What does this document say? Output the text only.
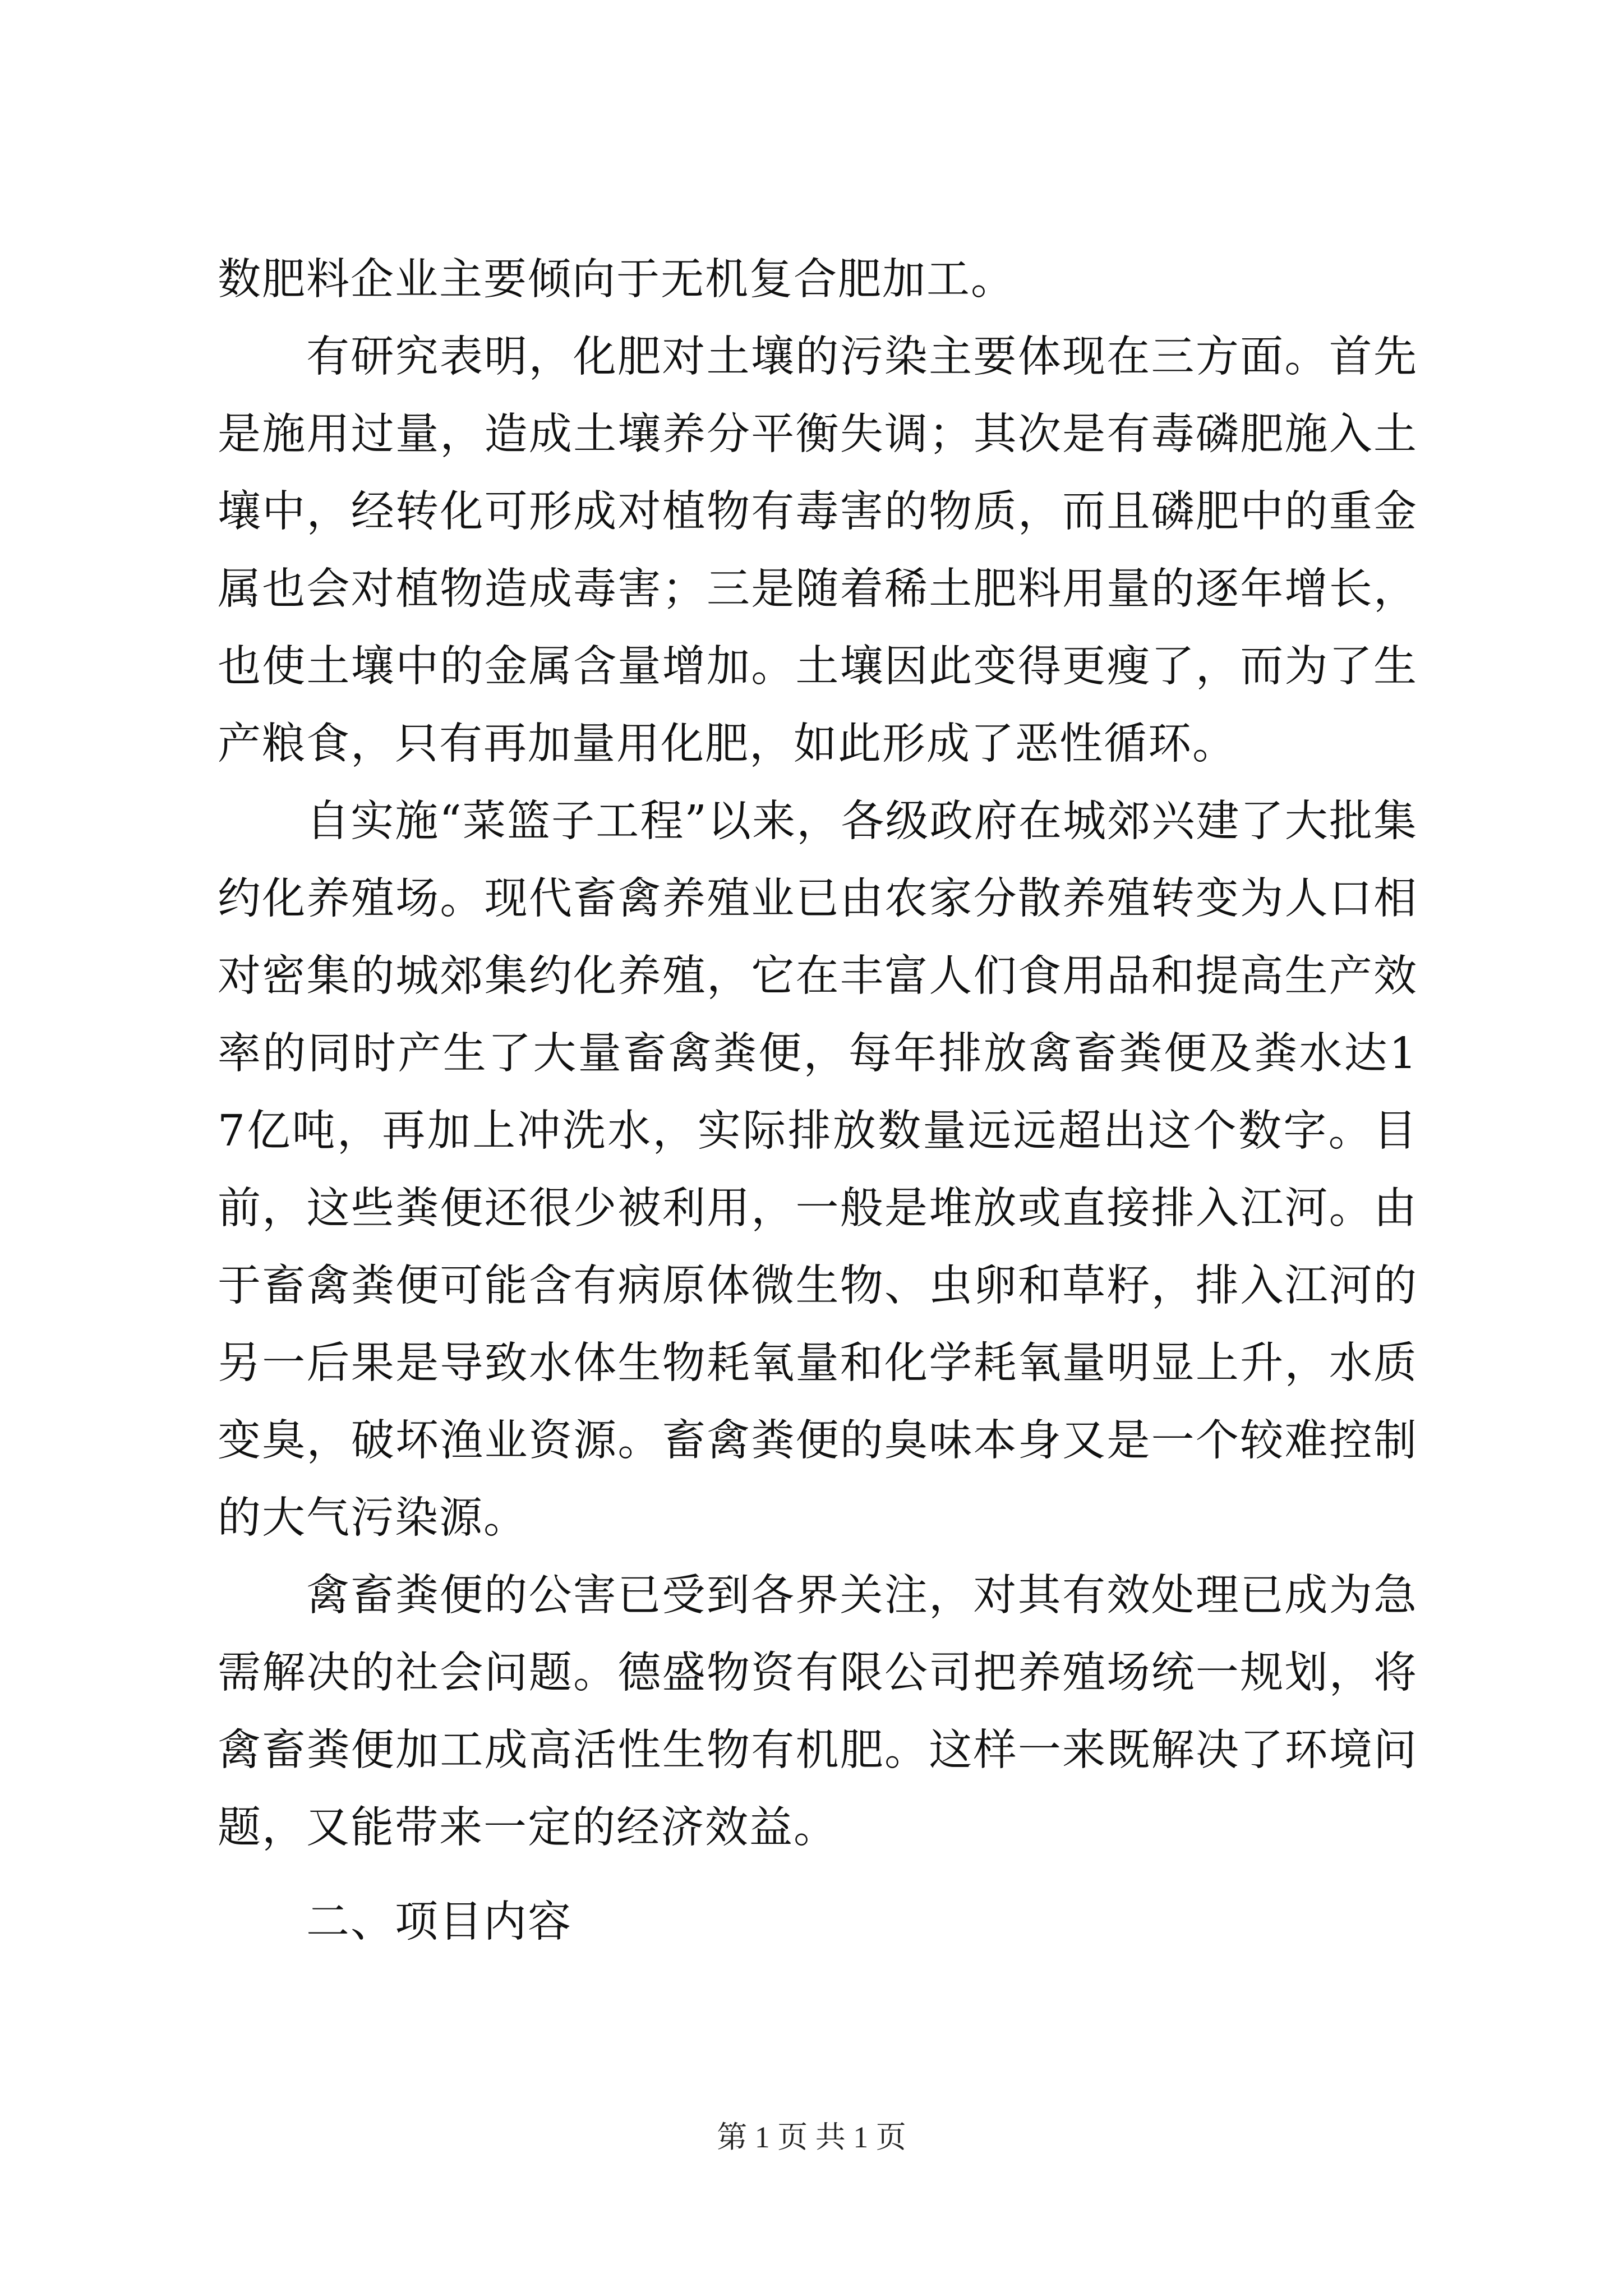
数肥料企业主要倾向于无机复合肥加工。

有研究表明，化肥对土壤的污染主要体现在三方面。首先是施用过量，造成土壤养分平衡失调；其次是有毒磷肥施入土壤中，经转化可形成对植物有毒害的物质，而且磷肥中的重金属也会对植物造成毒害；三是随着稀土肥料用量的逐年增长，也使土壤中的金属含量增加。土壤因此变得更瘦了，而为了生产粮食，只有再加量用化肥，如此形成了恶性循环。

自实施“菜篮子工程”以来，各级政府在城郊兴建了大批集约化养殖场。现代畜禽养殖业已由农家分散养殖转变为人口相对密集的城郊集约化养殖，它在丰富人们食用品和提高生产效率的同时产生了大量畜禽粪便，每年排放禽畜粪便及粪水达17亿吨，再加上冲洗水，实际排放数量远远超出这个数字。目前，这些粪便还很少被利用，一般是堆放或直接排入江河。由于畜禽粪便可能含有病原体微生物、虫卵和草籽，排入江河的另一后果是导致水体生物耗氧量和化学耗氧量明显上升，水质变臭，破坏渔业资源。畜禽粪便的臭味本身又是一个较难控制的大气污染源。

禽畜粪便的公害已受到各界关注，对其有效处理已成为急需解决的社会问题。德盛物资有限公司把养殖场统一规划，将禽畜粪便加工成高活性生物有机肥。这样一来既解决了环境问题，又能带来一定的经济效益。

二、项目内容

第 1 页 共 1 页
